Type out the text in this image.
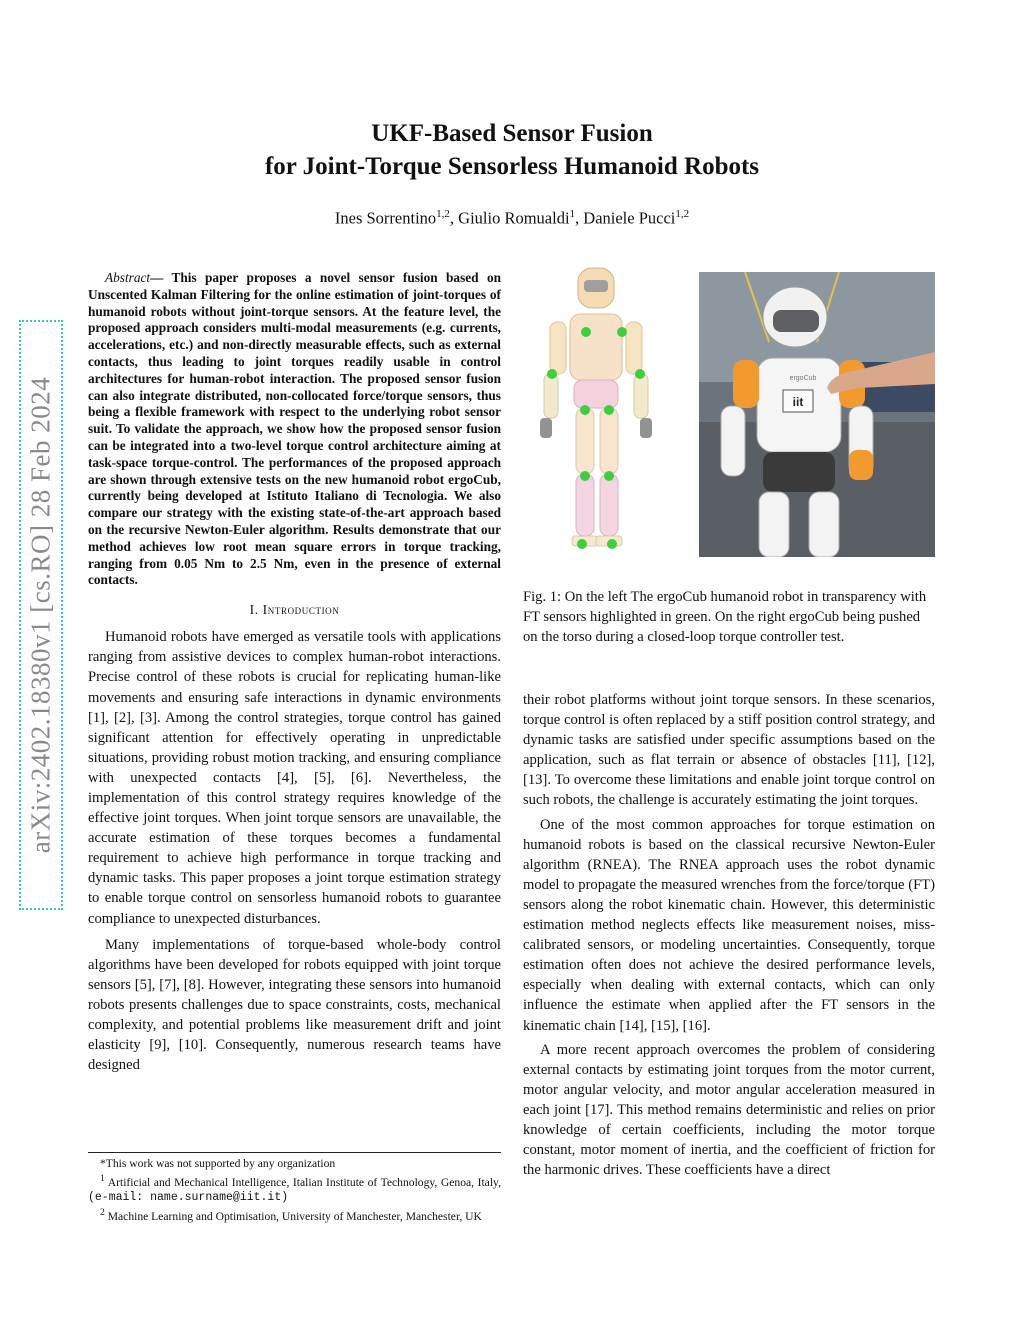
arXiv:2402.18380v1 [cs.RO] 28 Feb 2024
UKF-Based Sensor Fusion
for Joint-Torque Sensorless Humanoid Robots
Ines Sorrentino$^{1,2}$, Giulio Romualdi$^1$, Daniele Pucci$^{1,2}$

Abstract— This paper proposes a novel sensor fusion based on Unscented Kalman Filtering for the online estimation of joint-torques of humanoid robots without joint-torque sensors. At the feature level, the proposed approach considers multi-modal measurements (e.g. currents, accelerations, etc.) and non-directly measurable effects, such as external contacts, thus leading to joint torques readily usable in control architectures for human-robot interaction. The proposed sensor fusion can also integrate distributed, non-collocated force/torque sensors, thus being a flexible framework with respect to the underlying robot sensor suit. To validate the approach, we show how the proposed sensor fusion can be integrated into a two-level torque control architecture aiming at task-space torque-control. The performances of the proposed approach are shown through extensive tests on the new humanoid robot ergoCub, currently being developed at Istituto Italiano di Tecnologia. We also compare our strategy with the existing state-of-the-art approach based on the recursive Newton-Euler algorithm. Results demonstrate that our method achieves low root mean square errors in torque tracking, ranging from 0.05 Nm to 2.5 Nm, even in the presence of external contacts.

I. Introduction

Humanoid robots have emerged as versatile tools with applications ranging from assistive devices to complex human-robot interactions. Precise control of these robots is crucial for replicating human-like movements and ensuring safe interactions in dynamic environments [1], [2], [3]. Among the control strategies, torque control has gained significant attention for effectively operating in unpredictable situations, providing robust motion tracking, and ensuring compliance with unexpected contacts [4], [5], [6]. Nevertheless, the implementation of this control strategy requires knowledge of the effective joint torques. When joint torque sensors are unavailable, the accurate estimation of these torques becomes a fundamental requirement to achieve high performance in torque tracking and dynamic tasks. This paper proposes a joint torque estimation strategy to enable torque control on sensorless humanoid robots to guarantee compliance to unexpected disturbances.

Many implementations of torque-based whole-body control algorithms have been developed for robots equipped with joint torque sensors [5], [7], [8]. However, integrating these sensors into humanoid robots presents challenges due to space constraints, costs, mechanical complexity, and potential problems like measurement drift and joint elasticity [9], [10]. Consequently, numerous research teams have designed

*This work was not supported by any organization
$^1$ Artificial and Mechanical Intelligence, Italian Institute of Technology, Genoa, Italy, (e-mail: name.surname@iit.it)
$^2$ Machine Learning and Optimisation, University of Manchester, Manchester, UK
iit
ergoCub
Fig. 1: On the left The ergoCub humanoid robot in transparency with FT sensors highlighted in green. On the right ergoCub being pushed on the torso during a closed-loop torque controller test.

their robot platforms without joint torque sensors. In these scenarios, torque control is often replaced by a stiff position control strategy, and dynamic tasks are satisfied under specific assumptions based on the application, such as flat terrain or absence of obstacles [11], [12], [13]. To overcome these limitations and enable joint torque control on such robots, the challenge is accurately estimating the joint torques.

One of the most common approaches for torque estimation on humanoid robots is based on the classical recursive Newton-Euler algorithm (RNEA). The RNEA approach uses the robot dynamic model to propagate the measured wrenches from the force/torque (FT) sensors along the robot kinematic chain. However, this deterministic estimation method neglects effects like measurement noises, miss-calibrated sensors, or modeling uncertainties. Consequently, torque estimation often does not achieve the desired performance levels, especially when dealing with external contacts, which can only influence the estimate when applied after the FT sensors in the kinematic chain [14], [15], [16].

A more recent approach overcomes the problem of considering external contacts by estimating joint torques from the motor current, motor angular velocity, and motor angular acceleration measured in each joint [17]. This method remains deterministic and relies on prior knowledge of certain coefficients, including the motor torque constant, motor moment of inertia, and the coefficient of friction for the harmonic drives. These coefficients have a direct
